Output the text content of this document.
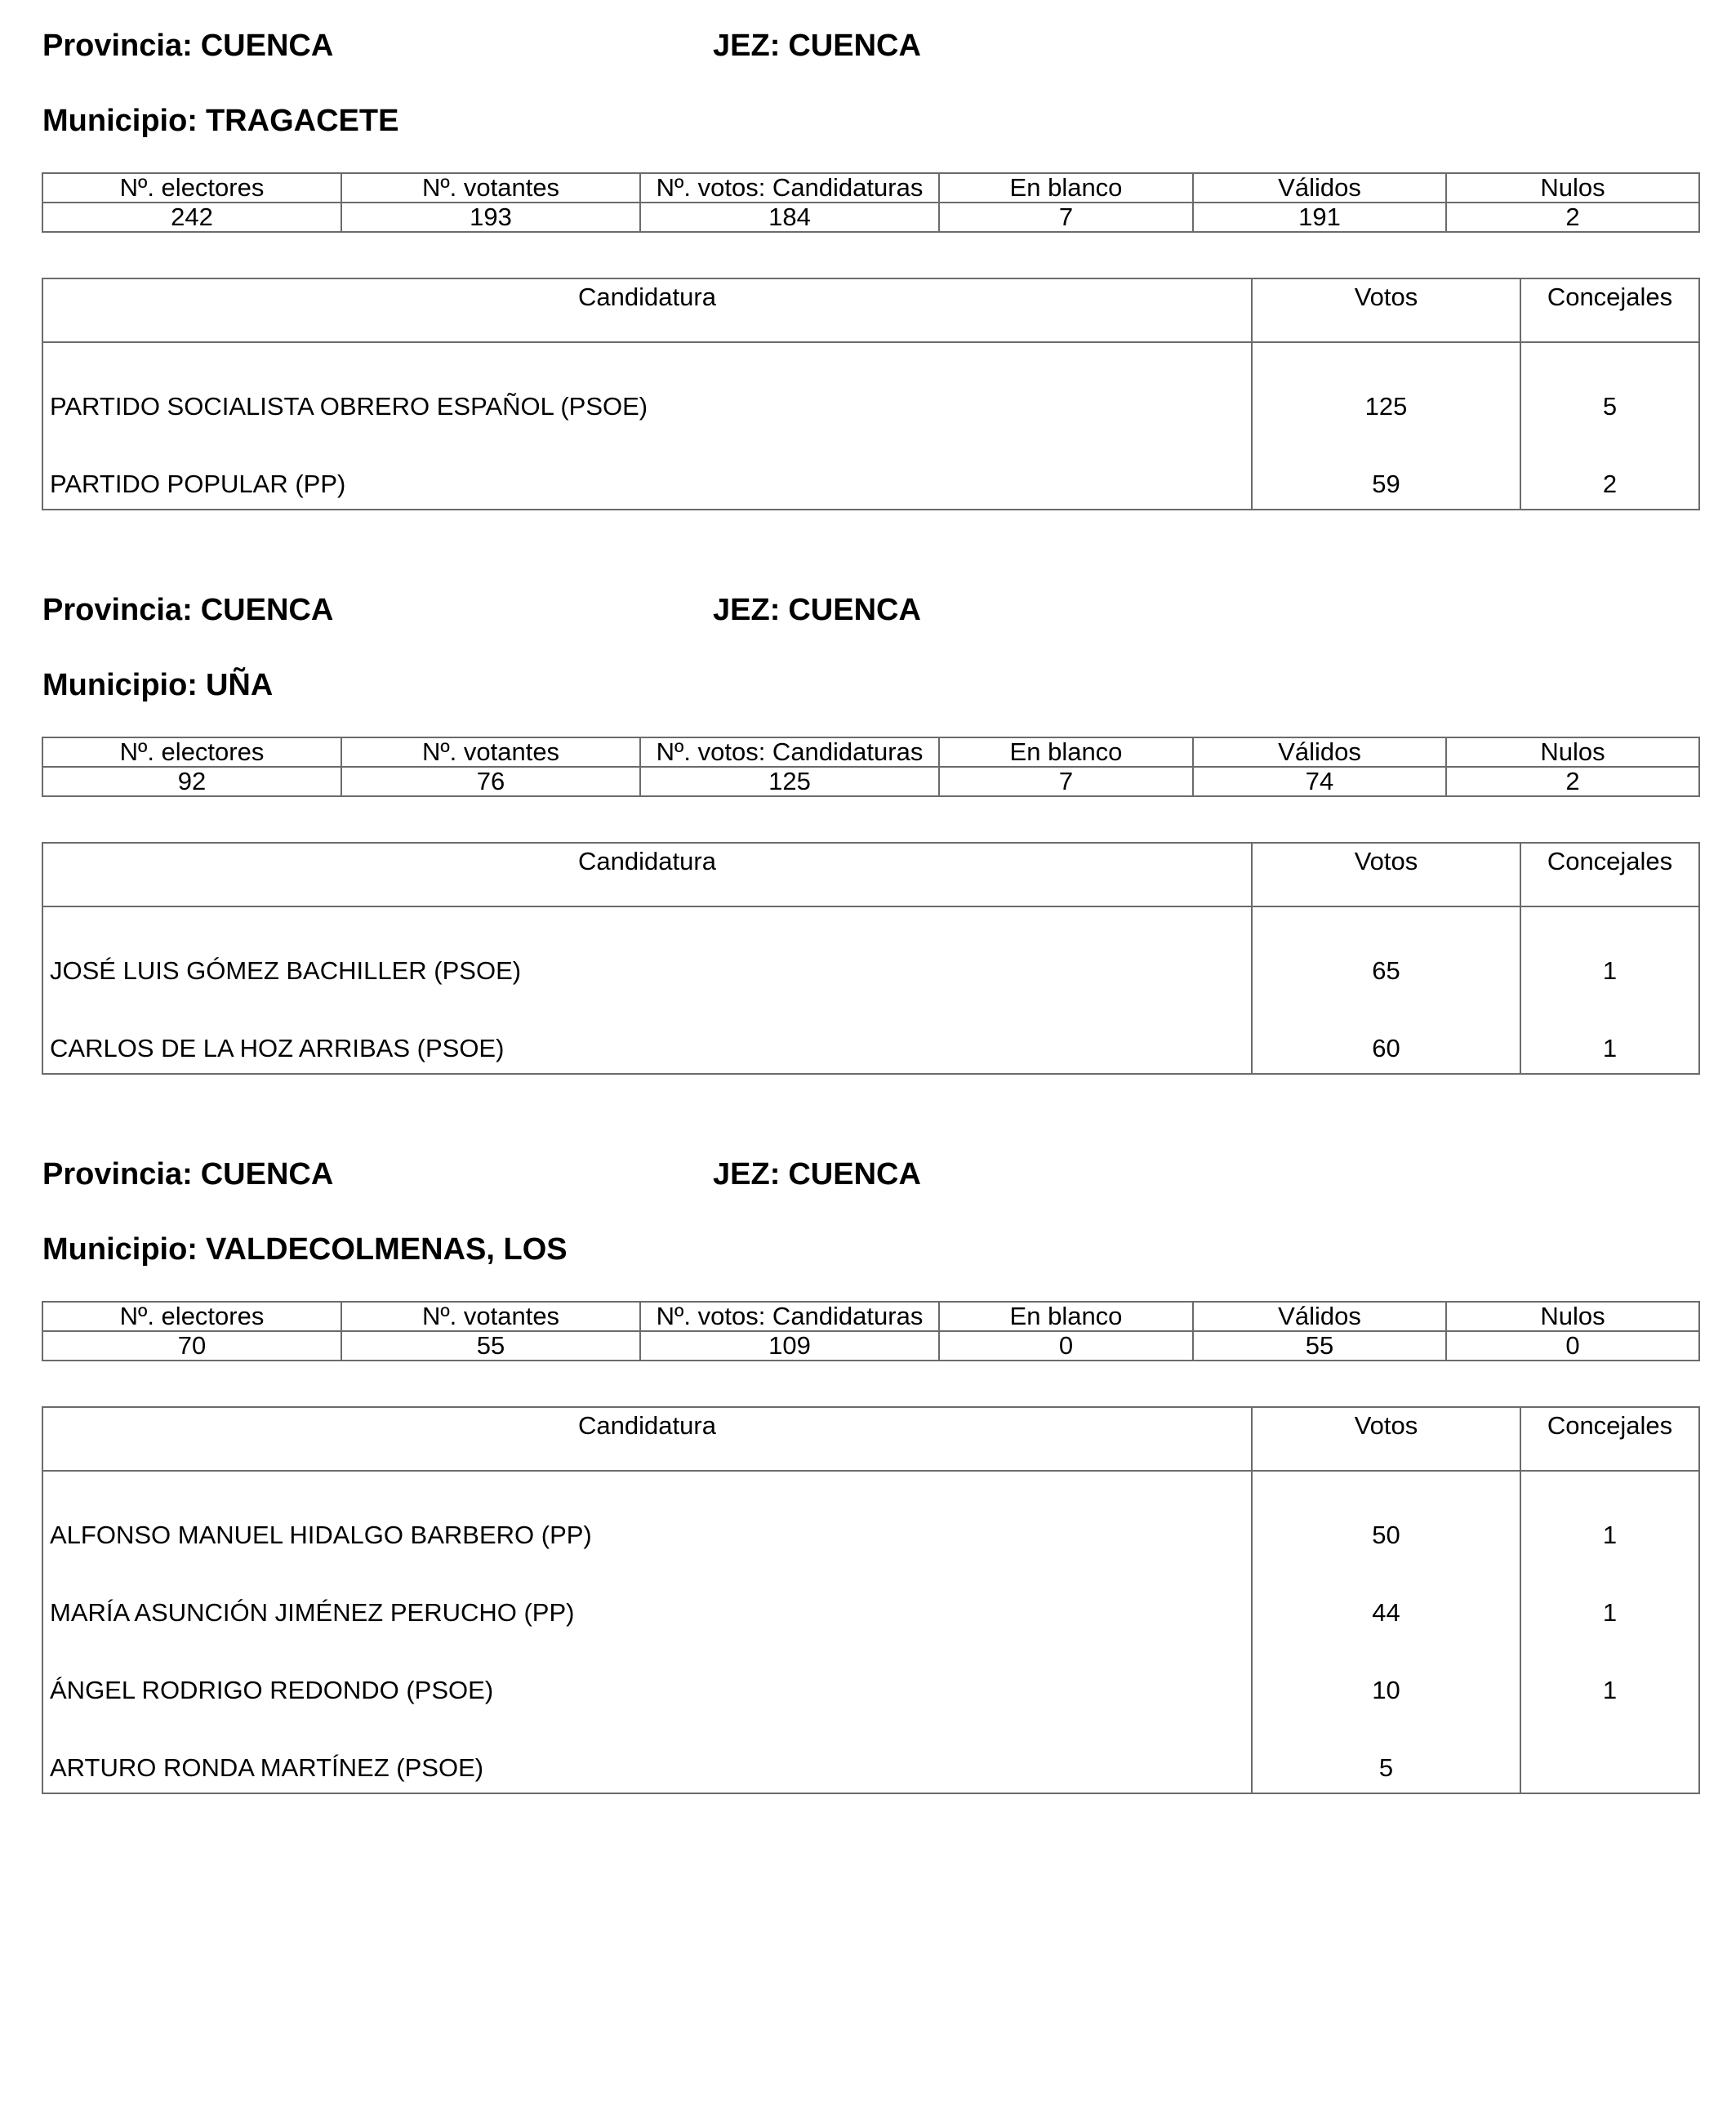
Provincia: CUENCA	JEZ: CUENCA
Municipio: TRAGACETE
Nº. electores	Nº. votantes	Nº. votos: Candidaturas	En blanco	Válidos	Nulos
242	193	184	7	191	2
Candidatura	Votos	Concejales
PARTIDO SOCIALISTA OBRERO ESPAÑOL (PSOE)	125	5
PARTIDO POPULAR (PP)	59	2
Provincia: CUENCA	JEZ: CUENCA
Municipio: UÑA
Nº. electores	Nº. votantes	Nº. votos: Candidaturas	En blanco	Válidos	Nulos
92	76	125	7	74	2
Candidatura	Votos	Concejales
JOSÉ LUIS GÓMEZ BACHILLER (PSOE)	65	1
CARLOS DE LA HOZ ARRIBAS (PSOE)	60	1
Provincia: CUENCA	JEZ: CUENCA
Municipio: VALDECOLMENAS, LOS
Nº. electores	Nº. votantes	Nº. votos: Candidaturas	En blanco	Válidos	Nulos
70	55	109	0	55	0
Candidatura	Votos	Concejales
ALFONSO MANUEL HIDALGO BARBERO (PP)	50	1
MARÍA ASUNCIÓN JIMÉNEZ PERUCHO (PP)	44	1
ÁNGEL RODRIGO REDONDO (PSOE)	10	1
ARTURO RONDA MARTÍNEZ (PSOE)	5	
